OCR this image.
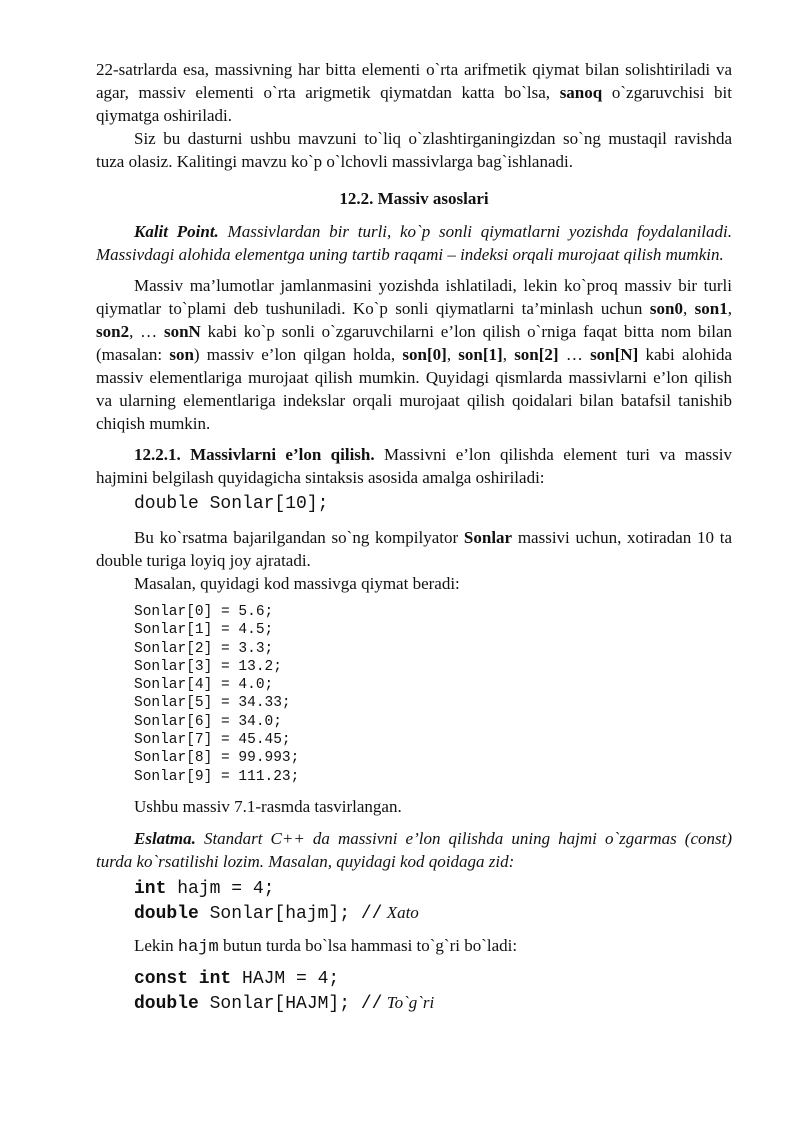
22-satrlarda esa, massivning har bitta elementi o`rta arifmetik qiymat bilan solishtiriladi va agar, massiv elementi o`rta arigmetik qiymatdan katta bo`lsa, sanoq o`zgaruvchisi bit qiymatga oshiriladi.

Siz bu dasturni ushbu mavzuni to`liq o`zlashtirganingizdan so`ng mustaqil ravishda tuza olasiz. Kalitingi mavzu ko`p o`lchovli massivlarga bag`ishlanadi.

12.2. Massiv asoslari

Kalit Point. Massivlardan bir turli, ko`p sonli qiymatlarni yozishda foydalaniladi. Massivdagi alohida elementga uning tartib raqami – indeksi orqali murojaat qilish mumkin.

Massiv ma’lumotlar jamlanmasini yozishda ishlatiladi, lekin ko`proq massiv bir turli qiymatlar to`plami deb tushuniladi. Ko`p sonli qiymatlarni ta’minlash uchun son0, son1, son2, … sonN kabi ko`p sonli o`zgaruvchilarni e’lon qilish o`rniga faqat bitta nom bilan (masalan: son) massiv e’lon qilgan holda, son[0], son[1], son[2] … son[N] kabi alohida massiv elementlariga murojaat qilish mumkin. Quyidagi qismlarda massivlarni e’lon qilish va ularning elementlariga indekslar orqali murojaat qilish qoidalari bilan batafsil tanishib chiqish mumkin.

12.2.1. Massivlarni e’lon qilish. Massivni e’lon qilishda element turi va massiv hajmini belgilash quyidagicha sintaksis asosida amalga oshiriladi:

double Sonlar[10];

Bu ko`rsatma bajarilgandan so`ng kompilyator Sonlar massivi uchun, xotiradan 10 ta double turiga loyiq joy ajratadi.

Masalan, quyidagi kod massivga qiymat beradi:

Sonlar[0] = 5.6;
Sonlar[1] = 4.5;
Sonlar[2] = 3.3;
Sonlar[3] = 13.2;
Sonlar[4] = 4.0;
Sonlar[5] = 34.33;
Sonlar[6] = 34.0;
Sonlar[7] = 45.45;
Sonlar[8] = 99.993;
Sonlar[9] = 111.23;

Ushbu massiv 7.1-rasmda tasvirlangan.

Eslatma. Standart C++ da massivni e’lon qilishda uning hajmi o`zgarmas (const) turda ko`rsatilishi lozim. Masalan, quyidagi kod qoidaga zid:

int hajm = 4;
double Sonlar[hajm]; // Xato

Lekin hajm butun turda bo`lsa hammasi to`g`ri bo`ladi:

const int HAJM = 4;
double Sonlar[HAJM]; // To`g`ri
